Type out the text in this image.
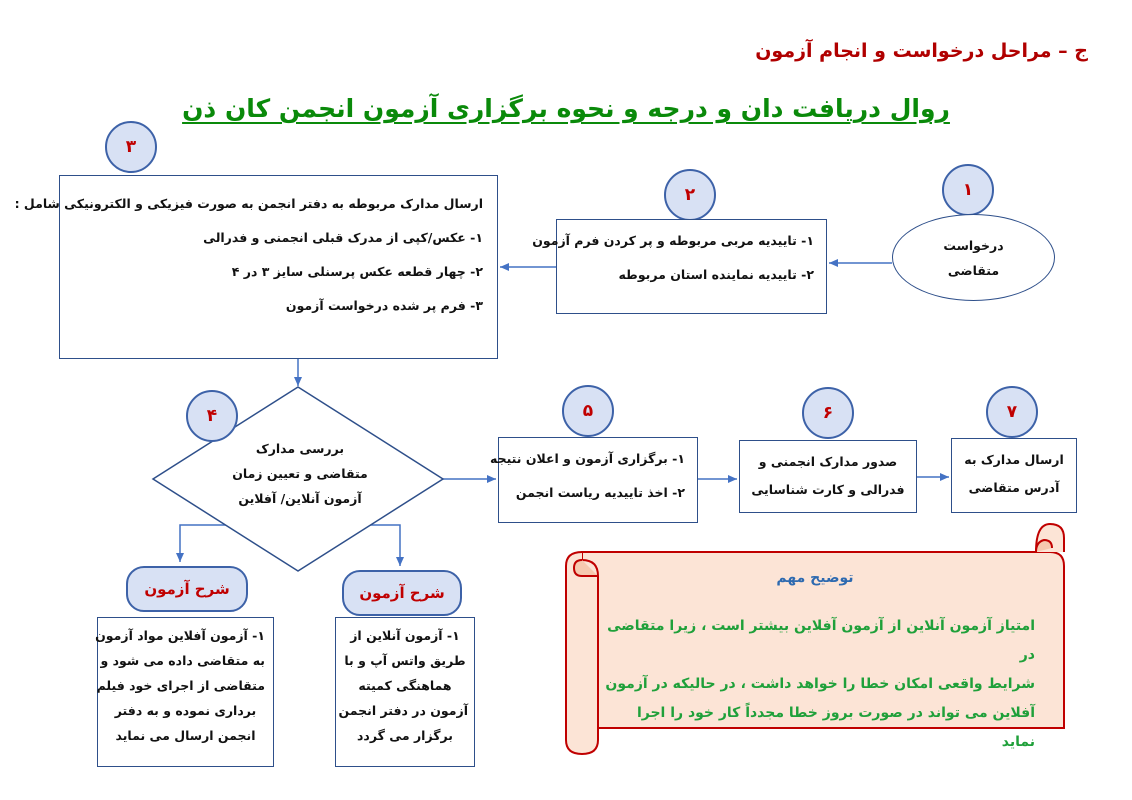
ج – مراحل درخواست و انجام آزمون
روال دریافت دان و درجه و نحوه برگزاری آزمون انجمن کان ذن
۳
۲	۱
۴	۵	۶	۷
درخواست
متقاضی
۱- تاییدیه مربی مربوطه و پر کردن فرم آزمون
۲- تاییدیه نماینده استان مربوطه
ارسال مدارک مربوطه به دفتر انجمن به صورت فیزیکی و الکترونیکی شامل :
۱- عکس/کپی از مدرک قبلی انجمنی و فدرالی
۲- چهار قطعه عکس پرسنلی سایز ۳ در ۴
۳- فرم پر شده درخواست آزمون
بررسی مدارک
متقاضی و تعیین زمان
آزمون آنلاین/ آفلاین
۱- برگزاری آزمون و اعلان نتیجه
۲- اخذ تاییدیه ریاست انجمن
صدور مدارک انجمنی و
فدرالی و کارت شناسایی
ارسال مدارک به
آدرس متقاضی
شرح آزمون	شرح آزمون
۱- آزمون آفلاین مواد آزمون
به متقاضی داده می شود و
متقاضی از اجرای خود فیلم
برداری نموده و به دفتر
انجمن ارسال می نماید
۱- آزمون آنلاین از
طریق واتس آپ و با
هماهنگی کمیته
آزمون در دفتر انجمن
برگزار می گردد
توضیح مهم
امتیاز آزمون آنلاین از آزمون آفلاین بیشتر است ، زیرا متقاضی در
شرایط واقعی امکان خطا را خواهد داشت ، در حالیکه در آزمون
آفلاین می تواند در صورت بروز خطا مجدداً کار خود را اجرا نماید
